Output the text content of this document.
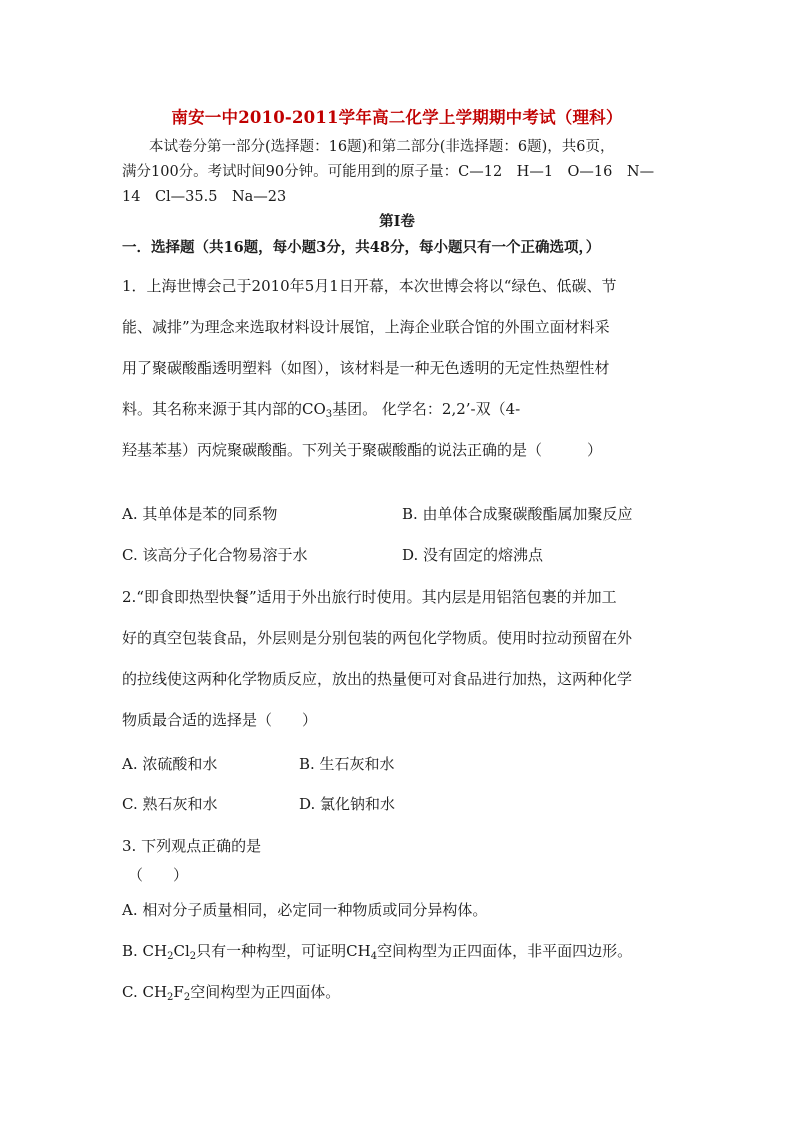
南安一中2010-2011学年高二化学上学期期中考试（理科）
本试卷分第一部分(选择题：16题)和第二部分(非选择题：6题)，共6页，
满分100分。考试时间90分钟。可能用到的原子量：C—12　H—1　O—16　N—
14　Cl—35.5　Na—23
第Ⅰ卷
一．选择题（共16题，每小题3分，共48分，每小题只有一个正确选项，）
1．上海世博会己于2010年5月1日开幕，本次世博会将以“绿色、低碳、节
能、减排”为理念来选取材料设计展馆，上海企业联合馆的外围立面材料采
用了聚碳酸酯透明塑料（如图），该材料是一种无色透明的无定性热塑性材
料。其名称来源于其内部的$CO_3$基团。 化学名：2,2’-双（4-
羟基苯基）丙烷聚碳酸酯。下列关于聚碳酸酯的说法正确的是（　　　）
A. 其单体是苯的同系物	B. 由单体合成聚碳酸酯属加聚反应
C. 该高分子化合物易溶于水	D. 没有固定的熔沸点
2.“即食即热型快餐”适用于外出旅行时使用。其内层是用铝箔包裹的并加工
好的真空包装食品，外层则是分别包装的两包化学物质。使用时拉动预留在外
的拉线使这两种化学物质反应，放出的热量便可对食品进行加热，这两种化学
物质最合适的选择是（　　）
A. 浓硫酸和水	B. 生石灰和水
C. 熟石灰和水	D. 氯化钠和水
3. 下列观点正确的是
（　　）
A. 相对分子质量相同，必定同一种物质或同分异构体。
B. $CH_2Cl_2$只有一种构型，可证明$CH_4$空间构型为正四面体，非平面四边形。
C. $CH_2F_2$空间构型为正四面体。
